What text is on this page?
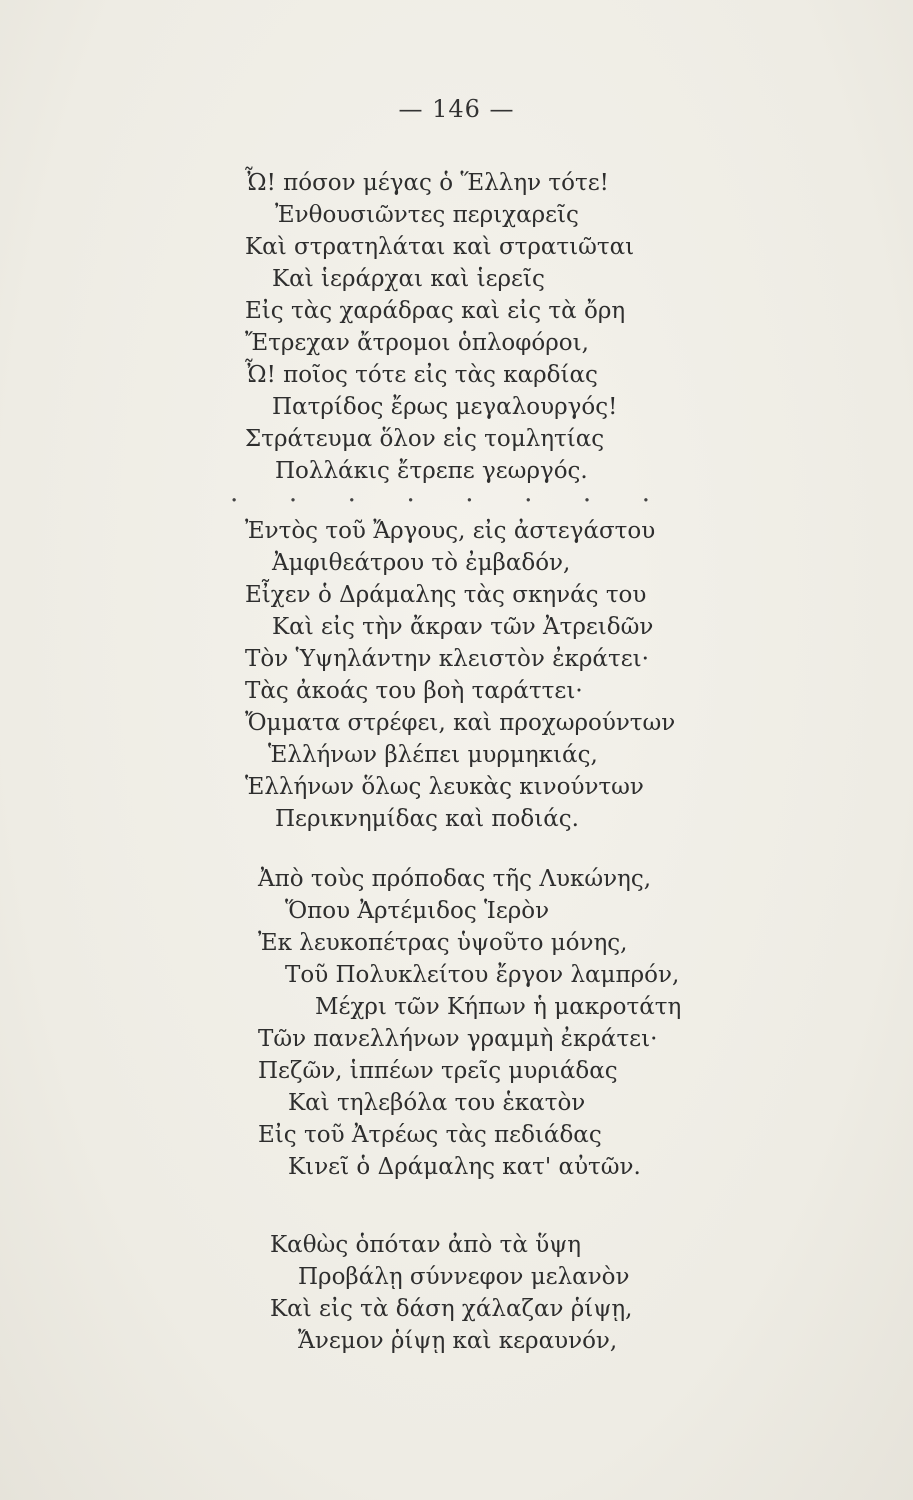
— 146 —
Ὦ! πόσον μέγας ὁ Ἕλλην τότε!
Ἐνθουσιῶντες περιχαρεῖς
Καὶ στρατηλάται καὶ στρατιῶται
Καὶ ἱεράρχαι καὶ ἱερεῖς
Εἰς τὰς χαράδρας καὶ εἰς τὰ ὄρη
Ἔτρεχαν ἄτρομοι ὁπλοφόροι,
Ὦ! ποῖος τότε εἰς τὰς καρδίας
Πατρίδος ἔρως μεγαλουργός!
Στράτευμα ὅλον εἰς τομλητίας
Πολλάκις ἔτρεπε γεωργός.
. . . . . . . .
Ἐντὸς τοῦ Ἄργους, εἰς ἀστεγάστου
Ἀμφιθεάτρου τὸ ἐμβαδόν,
Εἶχεν ὁ Δράμαλης τὰς σκηνάς του
Καὶ εἰς τὴν ἄκραν τῶν Ἀτρειδῶν
Τὸν Ὑψηλάντην κλειστὸν ἐκράτει·
Τὰς ἀκοάς του βοὴ ταράττει·
Ὄμματα στρέφει, καὶ προχωρούντων
Ἑλλήνων βλέπει μυρμηκιάς,
Ἑλλήνων ὅλως λευκὰς κινούντων
Περικνημίδας καὶ ποδιάς.
Ἀπὸ τοὺς πρόποδας τῆς Λυκώνης,
Ὅπου Ἀρτέμιδος Ἱερὸν
Ἐκ λευκοπέτρας ὑψοῦτο μόνης,
Τοῦ Πολυκλείτου ἔργον λαμπρόν,
Μέχρι τῶν Κήπων ἡ μακροτάτη
Τῶν πανελλήνων γραμμὴ ἐκράτει·
Πεζῶν, ἱππέων τρεῖς μυριάδας
Καὶ τηλεβόλα του ἑκατὸν
Εἰς τοῦ Ἀτρέως τὰς πεδιάδας
Κινεῖ ὁ Δράμαλης κατ' αὐτῶν.
Καθὼς ὁπόταν ἀπὸ τὰ ὕψη
Προβάλῃ σύννεφον μελανὸν
Καὶ εἰς τὰ δάση χάλαζαν ῥίψῃ,
Ἄνεμον ῥίψῃ καὶ κεραυνόν,
